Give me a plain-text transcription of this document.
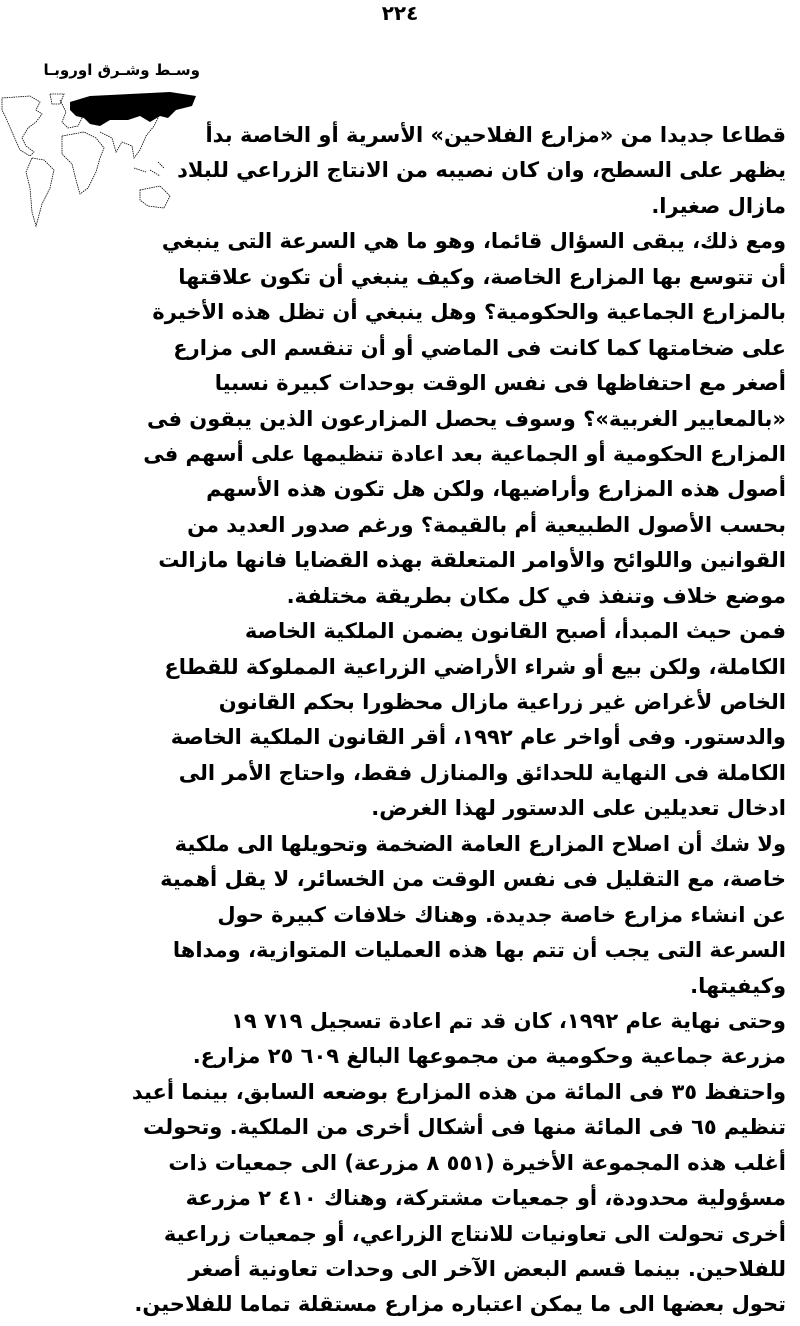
٢٢٤
وسـط وشـرق اوروبـا
قطاعا جديدا من «مزارع الفلاحين» الأسرية أو الخاصة بدأ
يظهر على السطح، وان كان نصيبه من الانتاج الزراعي للبلاد
مازال صغيرا.
ومع ذلك، يبقى السؤال قائما، وهو ما هي السرعة التى ينبغي
أن تتوسع بها المزارع الخاصة، وكيف ينبغي أن تكون علاقتها
بالمزارع الجماعية والحكومية؟ وهل ينبغي أن تظل هذه الأخيرة
على ضخامتها كما كانت فى الماضي أو أن تنقسم الى مزارع
أصغر مع احتفاظها فى نفس الوقت بوحدات كبيرة نسبيا
«بالمعايير الغربية»؟ وسوف يحصل المزارعون الذين يبقون فى
المزارع الحكومية أو الجماعية بعد اعادة تنظيمها على أسهم فى
أصول هذه المزارع وأراضيها، ولكن هل تكون هذه الأسهم
بحسب الأصول الطبيعية أم بالقيمة؟ ورغم صدور العديد من
القوانين واللوائح والأوامر المتعلقة بهذه القضايا فانها مازالت
موضع خلاف وتنفذ في كل مكان بطريقة مختلفة.
فمن حيث المبدأ، أصبح القانون يضمن الملكية الخاصة
الكاملة، ولكن بيع أو شراء الأراضي الزراعية المملوكة للقطاع
الخاص لأغراض غير زراعية مازال محظورا بحكم القانون
والدستور. وفى أواخر عام ١٩٩٢، أقر القانون الملكية الخاصة
الكاملة فى النهاية للحدائق والمنازل فقط، واحتاج الأمر الى
ادخال تعديلين على الدستور لهذا الغرض.
ولا شك أن اصلاح المزارع العامة الضخمة وتحويلها الى ملكية
خاصة، مع التقليل فى نفس الوقت من الخسائر، لا يقل أهمية
عن انشاء مزارع خاصة جديدة. وهناك خلافات كبيرة حول
السرعة التى يجب أن تتم بها هذه العمليات المتوازية، ومداها
وكيفيتها.
وحتى نهاية عام ١٩٩٢، كان قد تم اعادة تسجيل ٧١٩ ١٩
مزرعة جماعية وحكومية من مجموعها البالغ ٦٠٩ ٢٥ مزارع.
واحتفظ ٣٥ فى المائة من هذه المزارع بوضعه السابق، بينما أعيد
تنظيم ٦٥ فى المائة منها فى أشكال أخرى من الملكية. وتحولت
أغلب هذه المجموعة الأخيرة (٥٥١ ٨ مزرعة) الى جمعيات ذات
مسؤولية محدودة، أو جمعيات مشتركة، وهناك ٤١٠ ٢ مزرعة
أخرى تحولت الى تعاونيات للانتاج الزراعي، أو جمعيات زراعية
للفلاحين. بينما قسم البعض الآخر الى وحدات تعاونية أصغر
تحول بعضها الى ما يمكن اعتباره مزارع مستقلة تماما للفلاحين.
